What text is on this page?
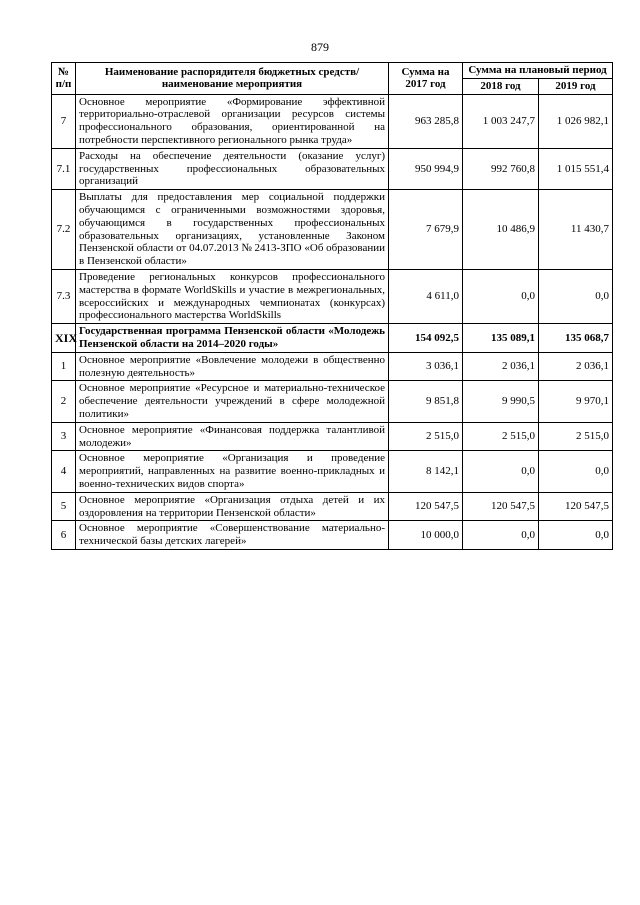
879
№ п/п	Наименование распорядителя бюджетных средств/ наименование мероприятия	Сумма на 2017 год	Сумма на плановый период	
			2018 год	2019 год
7	Основное мероприятие «Формирование эффективной территориально-отраслевой организации ресурсов системы профессионального образования, ориентированной на потребности перспективного регионального рынка труда»	963 285,8	1 003 247,7	1 026 982,1
7.1	Расходы на обеспечение деятельности (оказание услуг) государственных профессиональных образовательных организаций	950 994,9	992 760,8	1 015 551,4
7.2	Выплаты для предоставления мер социальной поддержки обучающимся с ограниченными возможностями здоровья, обучающимся в государственных профессиональных образовательных организациях, установленные Законом Пензенской области от 04.07.2013 № 2413-ЗПО «Об образовании в Пензенской области»	7 679,9	10 486,9	11 430,7
7.3	Проведение региональных конкурсов профессионального мастерства в формате WorldSkills и участие в межрегиональных, всероссийских и международных чемпионатах (конкурсах) профессионального мастерства WorldSkills	4 611,0	0,0	0,0
XIX	Государственная программа Пензенской области «Молодежь Пензенской области на 2014–2020 годы»	154 092,5	135 089,1	135 068,7
1	Основное мероприятие «Вовлечение молодежи в общественно полезную деятельность»	3 036,1	2 036,1	2 036,1
2	Основное мероприятие «Ресурсное и материально-техническое обеспечение деятельности учреждений в сфере молодежной политики»	9 851,8	9 990,5	9 970,1
3	Основное мероприятие «Финансовая поддержка талантливой молодежи»	2 515,0	2 515,0	2 515,0
4	Основное мероприятие «Организация и проведение мероприятий, направленных на развитие военно-прикладных и военно-технических видов спорта»	8 142,1	0,0	0,0
5	Основное мероприятие «Организация отдыха детей и их оздоровления на территории Пензенской области»	120 547,5	120 547,5	120 547,5
6	Основное мероприятие «Совершенствование материально-технической базы детских лагерей»	10 000,0	0,0	0,0
